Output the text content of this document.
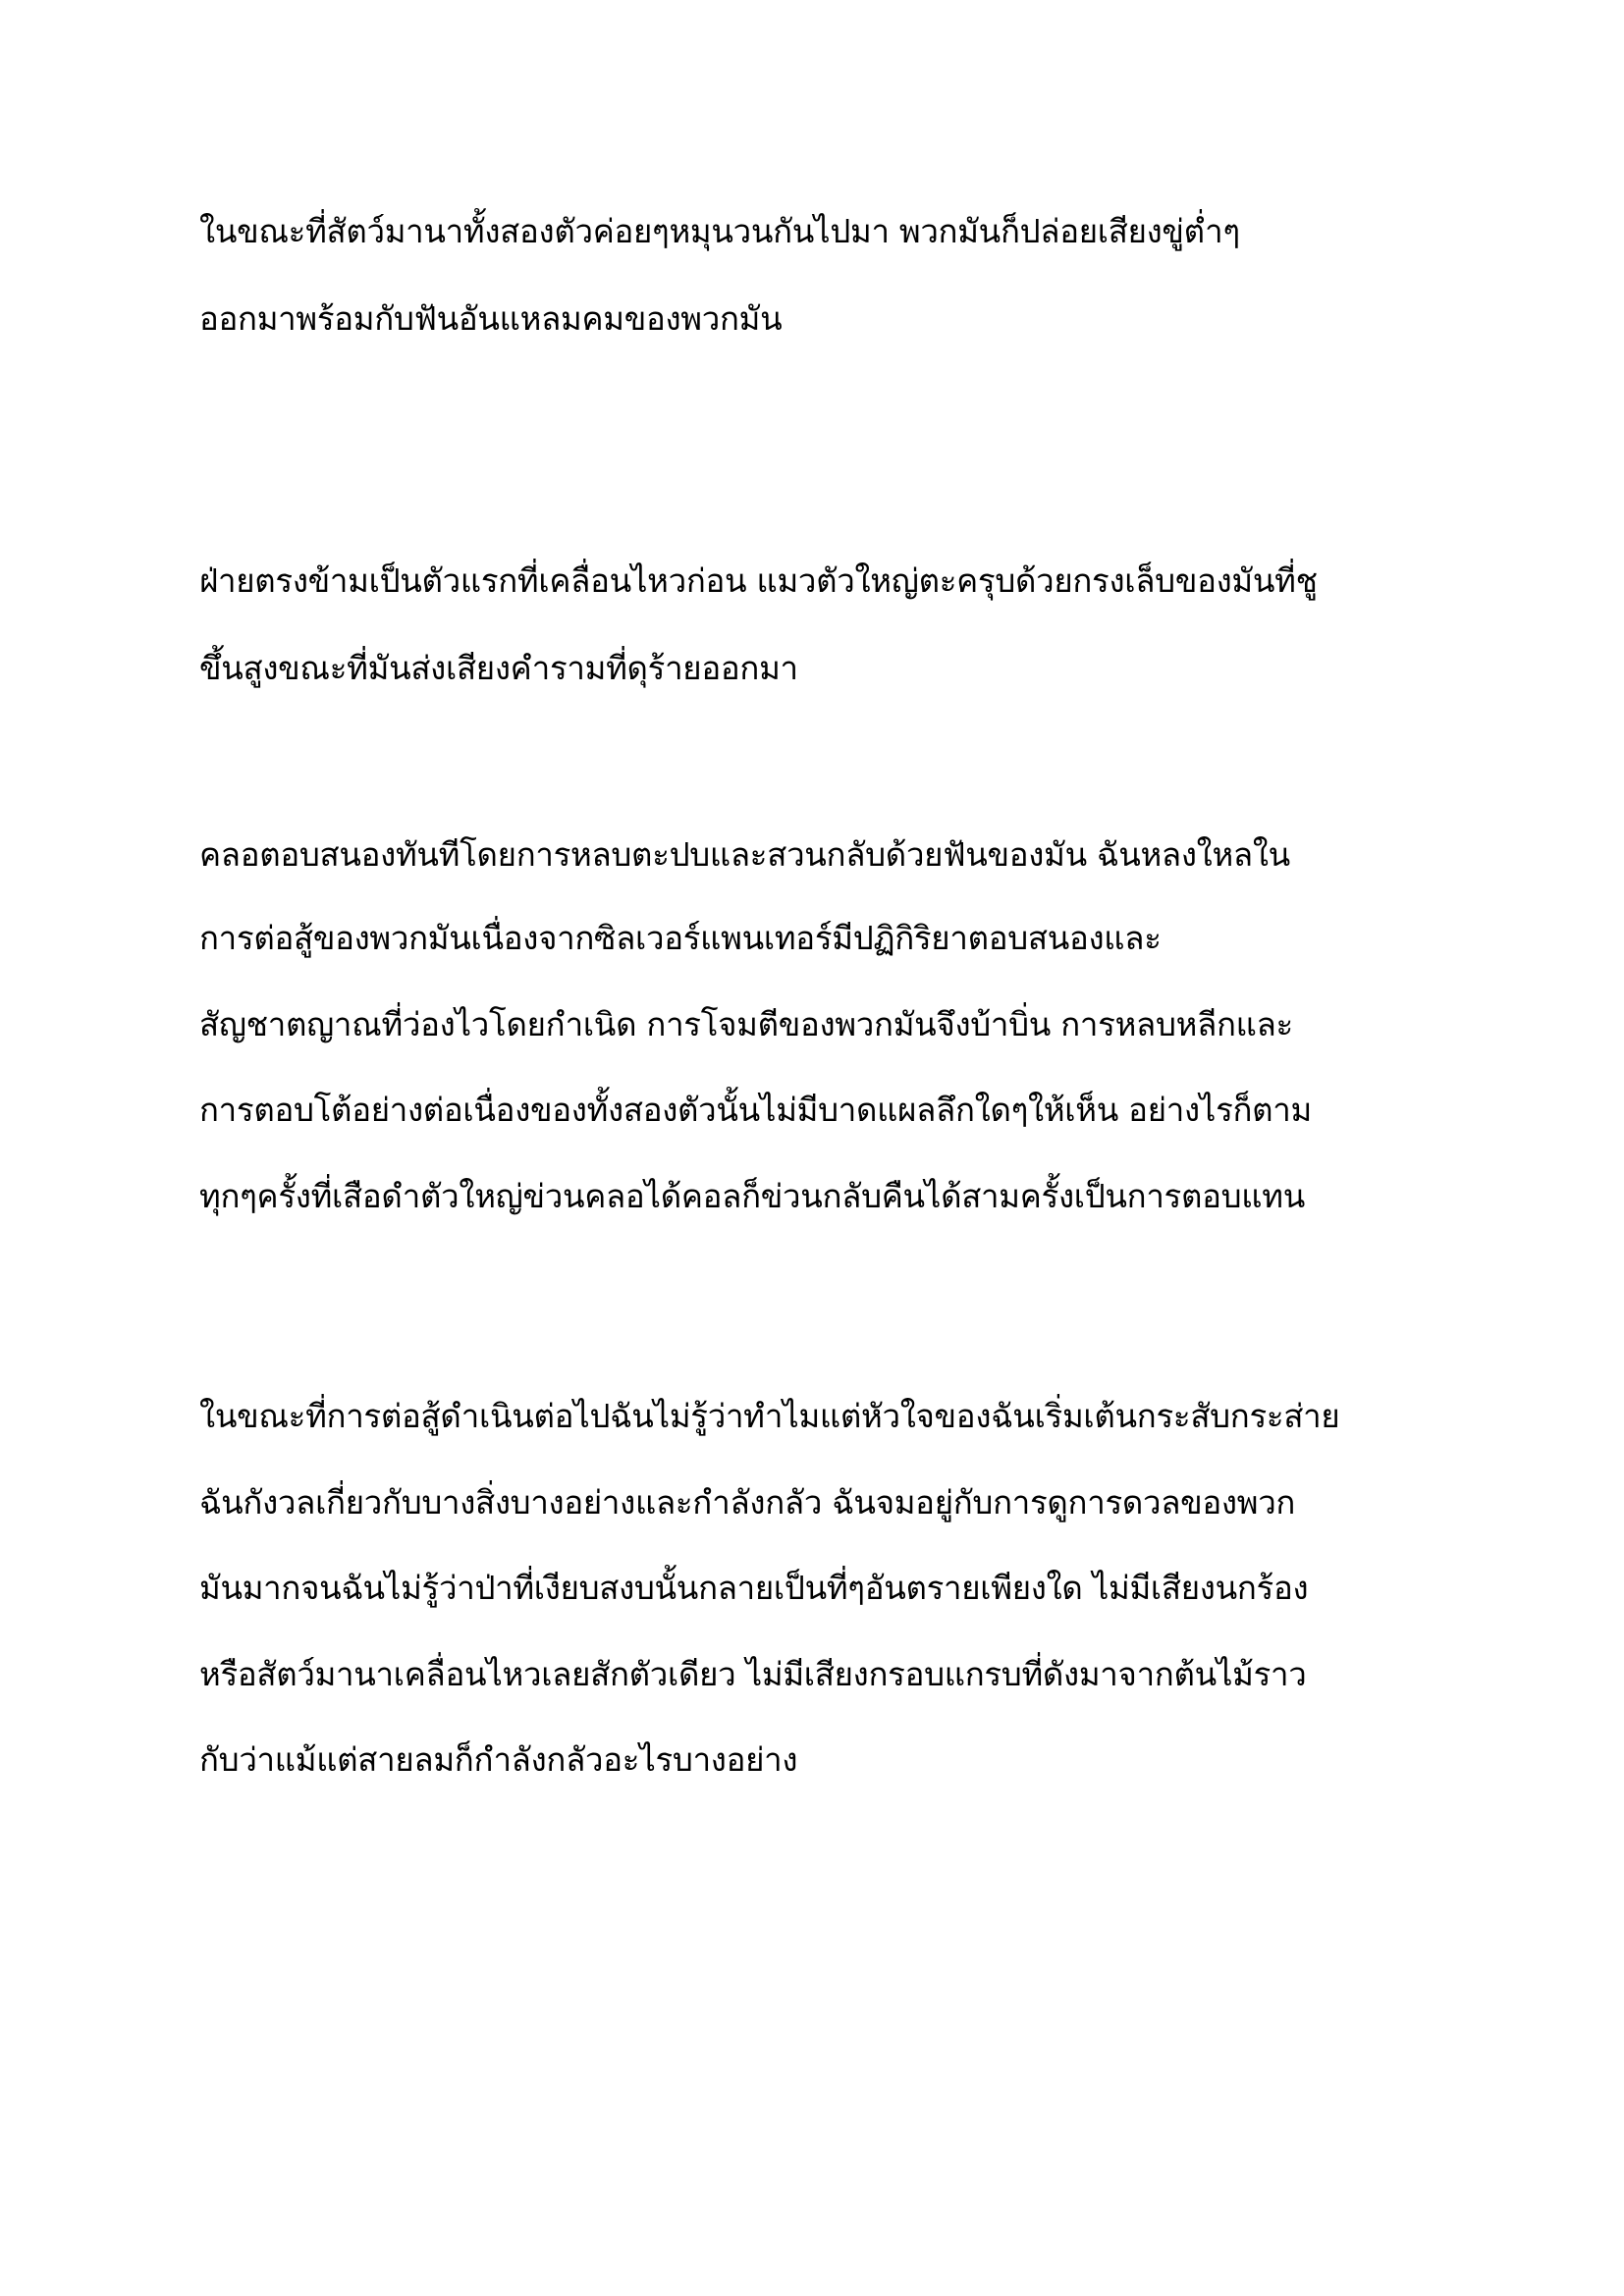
ในขณะที่สัตว์มานาทั้งสองตัวค่อยๆหมุนวนกันไปมา พวกมันก็ปล่อยเสียงขู่ต่ำๆ
ออกมาพร้อมกับฟันอันแหลมคมของพวกมัน
ฝ่ายตรงข้ามเป็นตัวแรกที่เคลื่อนไหวก่อน แมวตัวใหญ่ตะครุบด้วยกรงเล็บของมันที่ชู
ขึ้นสูงขณะที่มันส่งเสียงคำรามที่ดุร้ายออกมา
คลอตอบสนองทันทีโดยการหลบตะปบและสวนกลับด้วยฟันของมัน ฉันหลงใหลใน
การต่อสู้ของพวกมันเนื่องจากซิลเวอร์แพนเทอร์มีปฏิกิริยาตอบสนองและ
สัญชาตญาณที่ว่องไวโดยกำเนิด การโจมตีของพวกมันจึงบ้าบิ่น การหลบหลีกและ
การตอบโต้อย่างต่อเนื่องของทั้งสองตัวนั้นไม่มีบาดแผลลึกใดๆให้เห็น อย่างไรก็ตาม
ทุกๆครั้งที่เสือดำตัวใหญ่ข่วนคลอได้คอลก็ข่วนกลับคืนได้สามครั้งเป็นการตอบแทน
ในขณะที่การต่อสู้ดำเนินต่อไปฉันไม่รู้ว่าทำไมแต่หัวใจของฉันเริ่มเต้นกระสับกระส่าย
ฉันกังวลเกี่ยวกับบางสิ่งบางอย่างและกำลังกลัว ฉันจมอยู่กับการดูการดวลของพวก
มันมากจนฉันไม่รู้ว่าป่าที่เงียบสงบนั้นกลายเป็นที่ๆอันตรายเพียงใด ไม่มีเสียงนกร้อง
หรือสัตว์มานาเคลื่อนไหวเลยสักตัวเดียว ไม่มีเสียงกรอบแกรบที่ดังมาจากต้นไม้ราว
กับว่าแม้แต่สายลมก็กำลังกลัวอะไรบางอย่าง
